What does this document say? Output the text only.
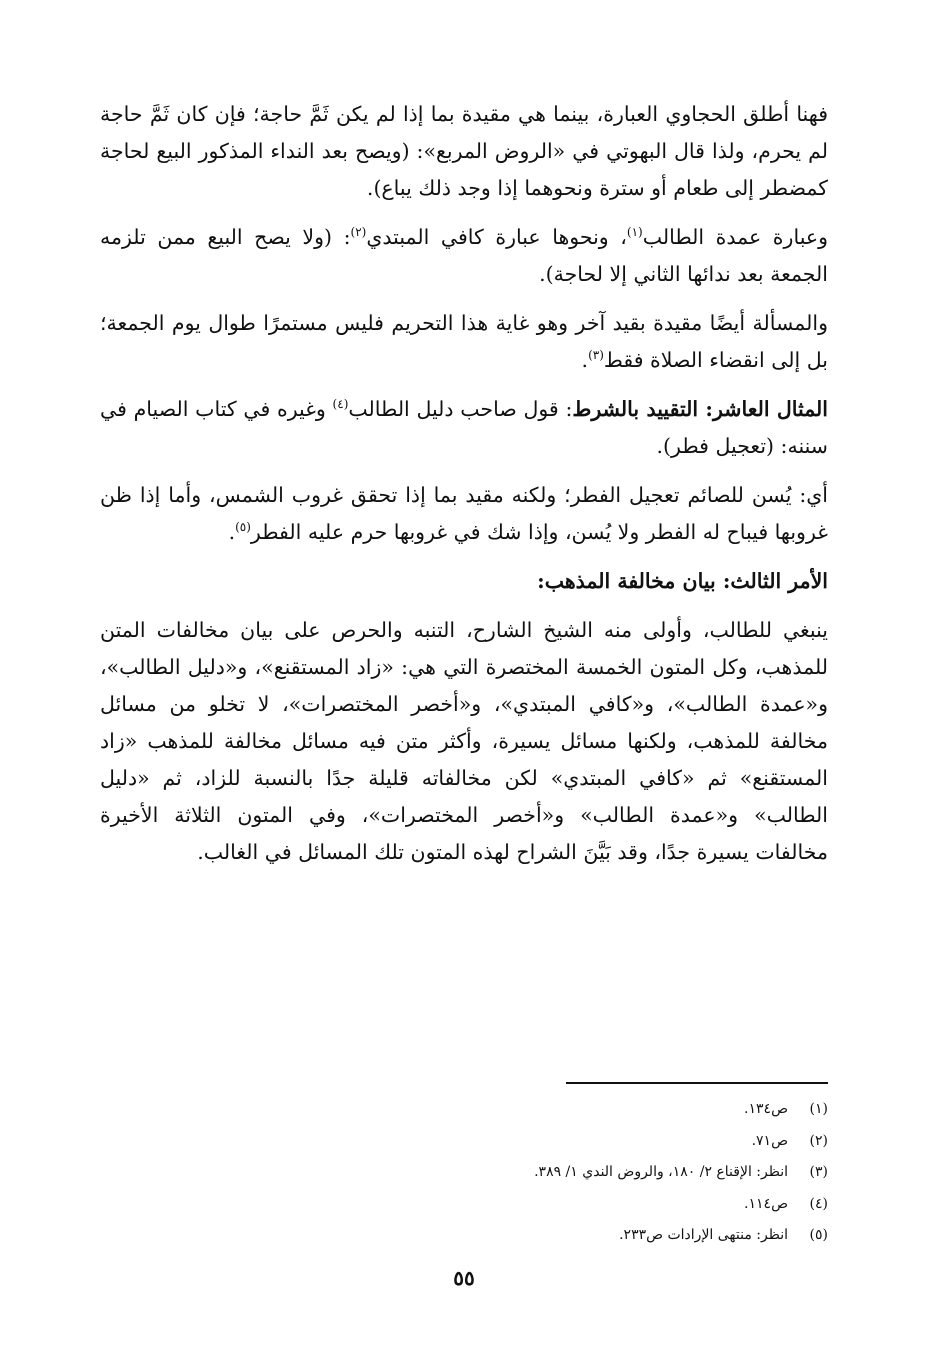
فهنا أطلق الحجاوي العبارة، بينما هي مقيدة بما إذا لم يكن ثَمَّ حاجة؛ فإن كان ثَمَّ حاجة لم يحرم، ولذا قال البهوتي في «الروض المربع»: (ويصح بعد النداء المذكور البيع لحاجة كمضطر إلى طعام أو سترة ونحوهما إذا وجد ذلك يباع).

وعبارة عمدة الطالب$^{(١)}$، ونحوها عبارة كافي المبتدي$^{(٢)}$: (ولا يصح البيع ممن تلزمه الجمعة بعد ندائها الثاني إلا لحاجة).

والمسألة أيضًا مقيدة بقيد آخر وهو غاية هذا التحريم فليس مستمرًا طوال يوم الجمعة؛ بل إلى انقضاء الصلاة فقط$^{(٣)}$.

المثال العاشر: التقييد بالشرط: قول صاحب دليل الطالب$^{(٤)}$ وغيره في كتاب الصيام في سننه: (تعجيل فطر).

أي: يُسن للصائم تعجيل الفطر؛ ولكنه مقيد بما إذا تحقق غروب الشمس، وأما إذا ظن غروبها فيباح له الفطر ولا يُسن، وإذا شك في غروبها حرم عليه الفطر$^{(٥)}$.

الأمر الثالث: بيان مخالفة المذهب:

ينبغي للطالب، وأولى منه الشيخ الشارح، التنبه والحرص على بيان مخالفات المتن للمذهب، وكل المتون الخمسة المختصرة التي هي: «زاد المستقنع»، و«دليل الطالب»، و«عمدة الطالب»، و«كافي المبتدي»، و«أخصر المختصرات»، لا تخلو من مسائل مخالفة للمذهب، ولكنها مسائل يسيرة، وأكثر متن فيه مسائل مخالفة للمذهب «زاد المستقنع» ثم «كافي المبتدي» لكن مخالفاته قليلة جدًا بالنسبة للزاد، ثم «دليل الطالب» و«عمدة الطالب» و«أخصر المختصرات»، وفي المتون الثلاثة الأخيرة مخالفات يسيرة جدًا، وقد بَيَّنَ الشراح لهذه المتون تلك المسائل في الغالب.

(١)
ص١٣٤.
(٢)
ص٧١.
(٣)
انظر: الإقناع ٢/ ١٨٠، والروض الندي ١/ ٣٨٩.
(٤)
ص١١٤.
(٥)
انظر: منتهى الإرادات ص٢٣٣.
٥٥
